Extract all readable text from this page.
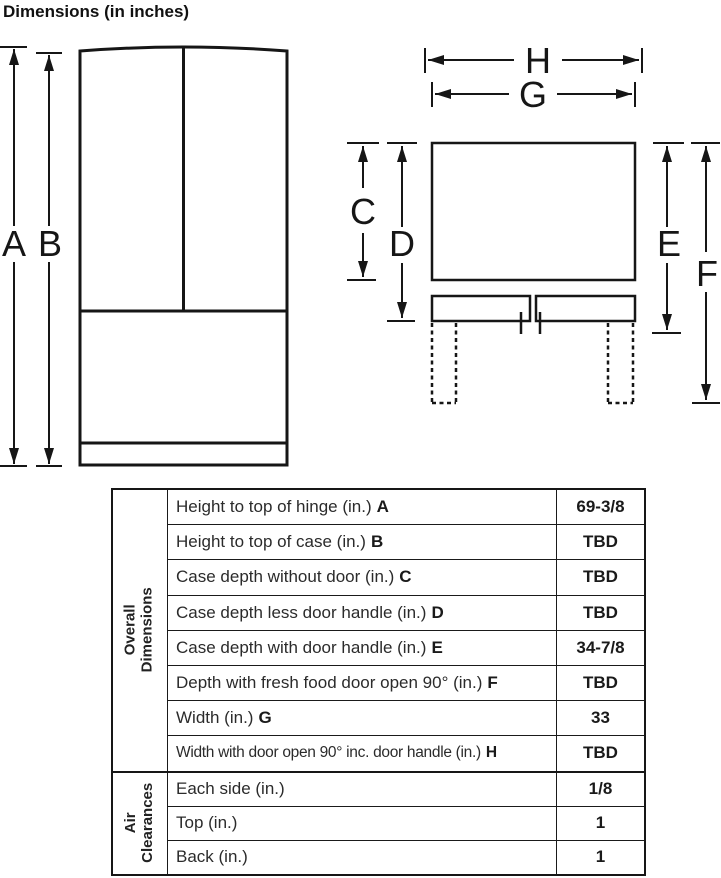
Dimensions (in inches)
A B
H
G
C
D	E
F
Overall Dimensions
Height to top of hinge (in.) A	69-3/8
Height to top of case (in.) B	TBD
Case depth without door (in.) C	TBD
Case depth less door handle (in.) D	TBD
Case depth with door handle (in.) E	34-7/8
Depth with fresh food door open 90° (in.) F	TBD
Width (in.) G	33
Width with door open 90° inc. door handle (in.) H	TBD
Air Clearances Each side (in.)	1/8
Top (in.)	1
Back (in.)	1
